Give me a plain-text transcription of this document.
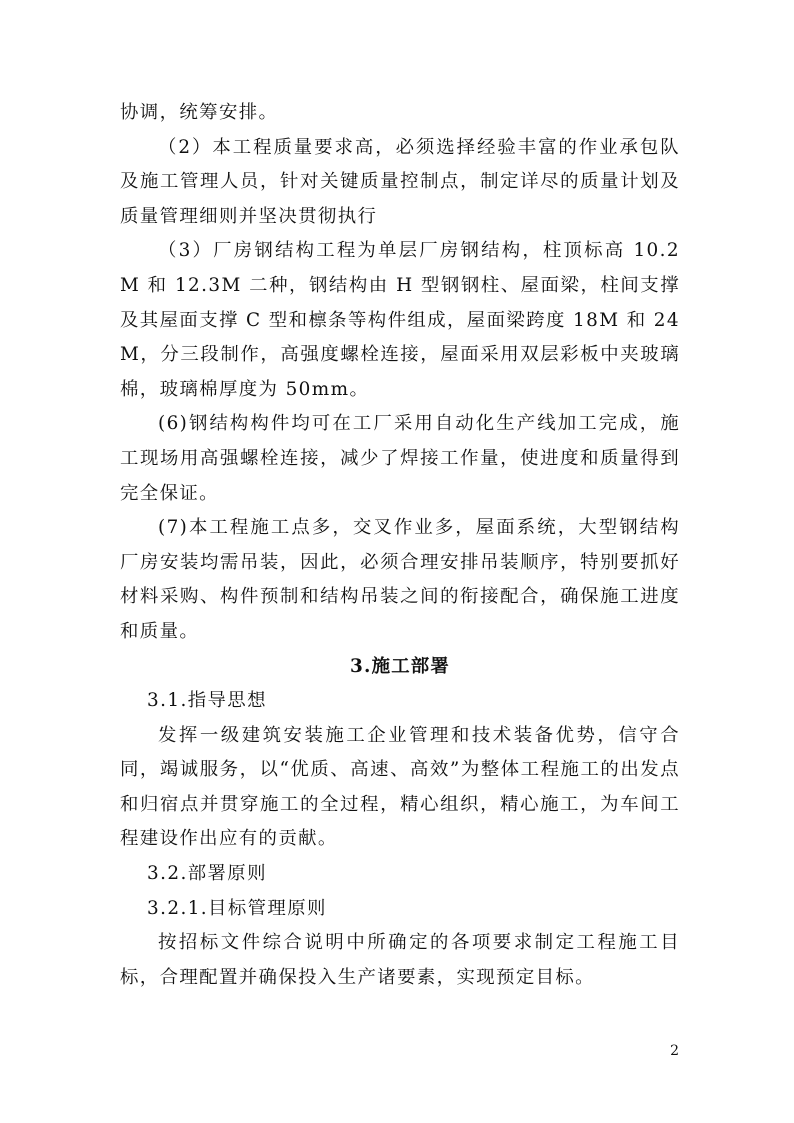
协调，统筹安排。

（2）本工程质量要求高，必须选择经验丰富的作业承包队及施工管理人员，针对关键质量控制点，制定详尽的质量计划及质量管理细则并坚决贯彻执行

（3）厂房钢结构工程为单层厂房钢结构，柱顶标高 10.2M 和 12.3M 二种，钢结构由 H 型钢钢柱、屋面梁，柱间支撑及其屋面支撑 C 型和檩条等构件组成，屋面梁跨度 18M 和 24M，分三段制作，高强度螺栓连接，屋面采用双层彩板中夹玻璃棉，玻璃棉厚度为 50mm。

(6)钢结构构件均可在工厂采用自动化生产线加工完成，施工现场用高强螺栓连接，减少了焊接工作量，使进度和质量得到完全保证。

(7)本工程施工点多，交叉作业多，屋面系统，大型钢结构厂房安装均需吊装，因此，必须合理安排吊装顺序，特别要抓好材料采购、构件预制和结构吊装之间的衔接配合，确保施工进度和质量。

3.施工部署

3.1.指导思想

发挥一级建筑安装施工企业管理和技术装备优势，信守合同，竭诚服务，以“优质、高速、高效”为整体工程施工的出发点和归宿点并贯穿施工的全过程，精心组织，精心施工，为车间工程建设作出应有的贡献。

3.2.部署原则

3.2.1.目标管理原则

按招标文件综合说明中所确定的各项要求制定工程施工目标，合理配置并确保投入生产诸要素，实现预定目标。

2
